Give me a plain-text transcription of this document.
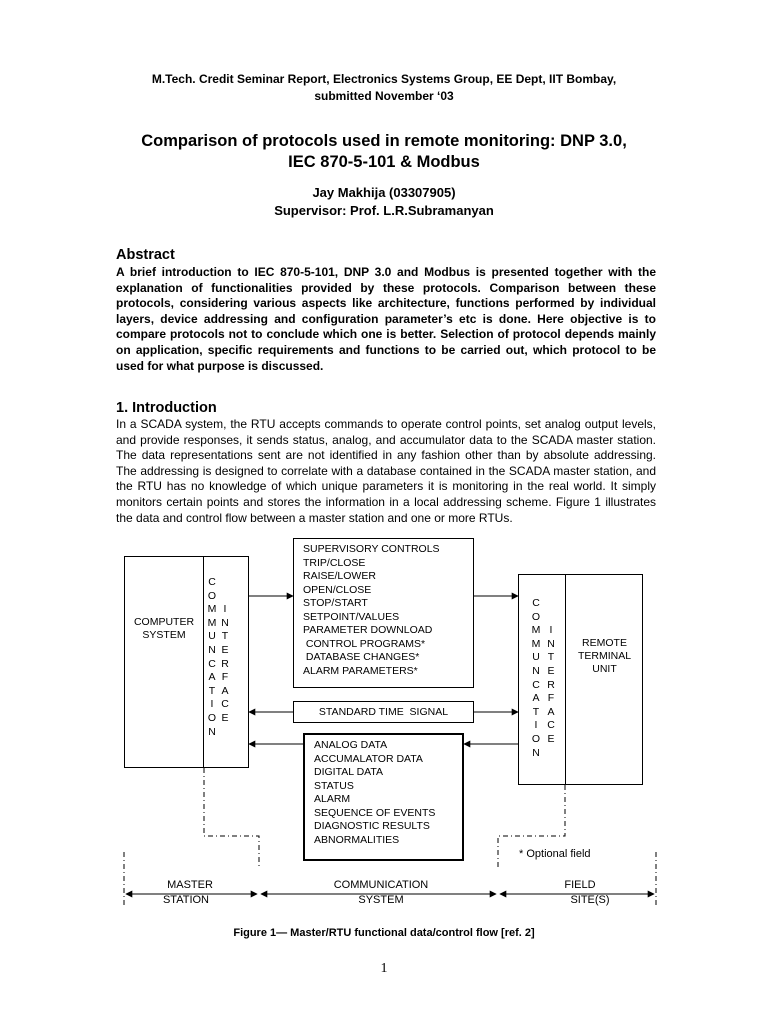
M.Tech. Credit Seminar Report, Electronics Systems Group, EE Dept, IIT Bombay,
submitted November ‘03
Comparison of protocols used in remote monitoring: DNP 3.0,
IEC 870-5-101 & Modbus
Jay Makhija (03307905)
Supervisor: Prof. L.R.Subramanyan
Abstract
A brief introduction to IEC 870-5-101, DNP 3.0 and Modbus is presented together with the explanation of functionalities provided by these protocols. Comparison between these protocols, considering various aspects like architecture, functions performed by individual layers, device addressing and configuration parameter’s etc is done. Here objective is to compare protocols not to conclude which one is better. Selection of protocol depends mainly on application, specific requirements and functions to be carried out, which protocol to be used for what purpose is discussed.
1. Introduction
In a SCADA system, the RTU accepts commands to operate control points, set analog output levels, and provide responses, it sends status, analog, and accumulator data to the SCADA master station. The data representations sent are not identified in any fashion other than by absolute addressing. The addressing is designed to correlate with a database contained in the SCADA master station, and the RTU has no knowledge of which unique parameters it is monitoring in the real world. It simply monitors certain points and stores the information in a local addressing scheme. Figure 1 illustrates the data and control flow between a master station and one or more RTUs.
COMPUTER
SYSTEM
C
O
M
M
U
N
C
A
T
I
O
N
I
N
T
E
R
F
A
C
E
SUPERVISORY CONTROLS
TRIP/CLOSE
RAISE/LOWER
OPEN/CLOSE
STOP/START
SETPOINT/VALUES
PARAMETER DOWNLOAD
CONTROL PROGRAMS*
DATABASE CHANGES*
ALARM PARAMETERS*
STANDARD TIME  SIGNAL
ANALOG DATA
ACCUMALATOR DATA
DIGITAL DATA
STATUS
ALARM
SEQUENCE OF EVENTS
DIAGNOSTIC RESULTS
ABNORMALITIES
REMOTE
TERMINAL
UNIT
C
O
M
M
U
N
C
A
T
I
O
N
I
N
T
E
R
F
A
C
E
* Optional field
MASTER
STATION
COMMUNICATION
SYSTEM
FIELD
SITE(S)
Figure 1— Master/RTU functional data/control flow [ref. 2]
1
